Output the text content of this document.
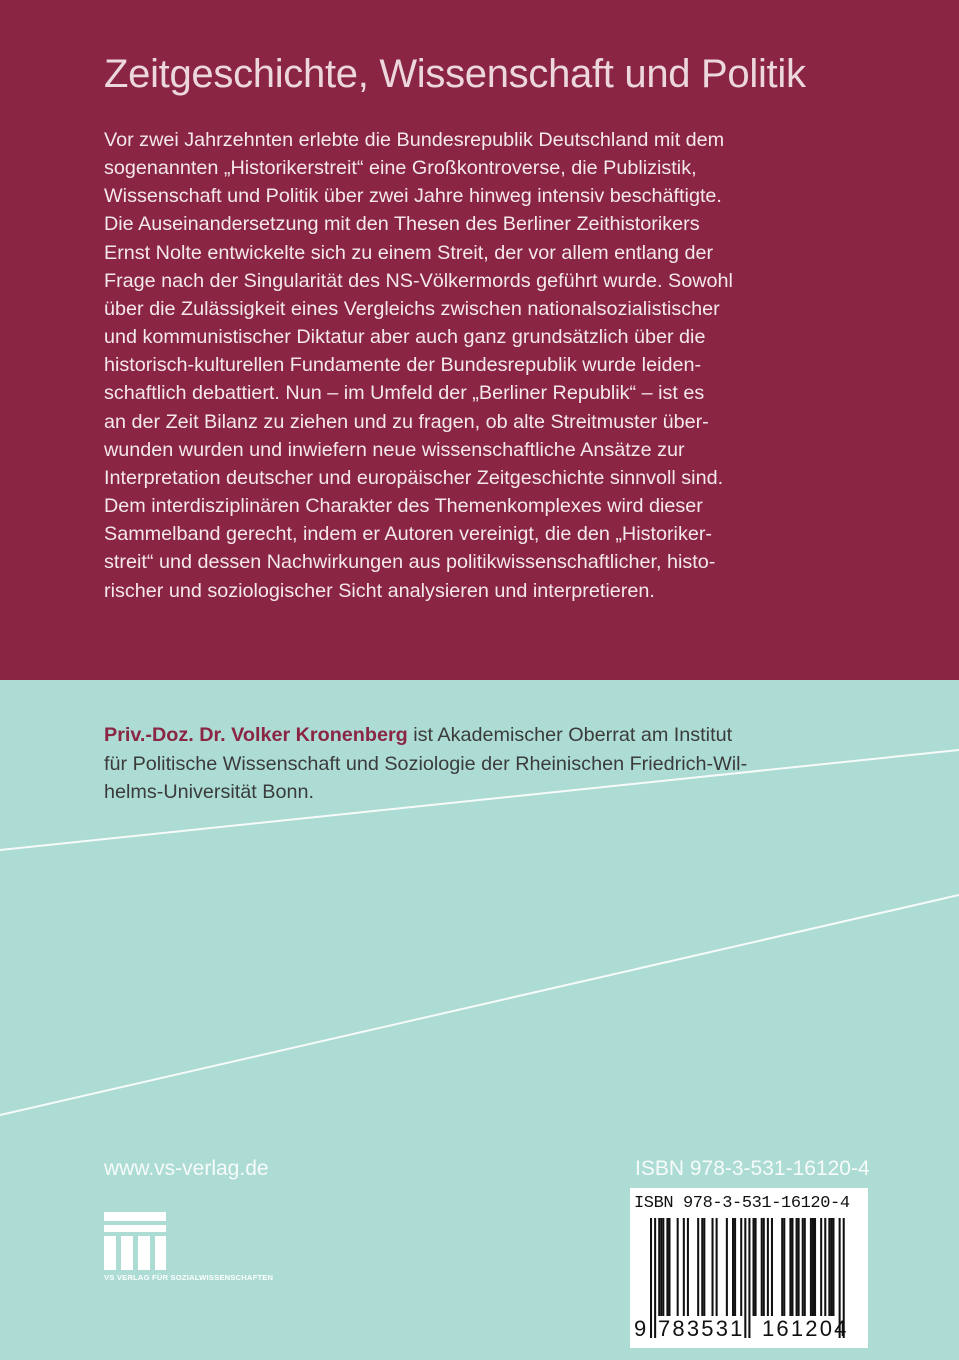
Zeitgeschichte, Wissenschaft und Politik
Vor zwei Jahrzehnten erlebte die Bundesrepublik Deutschland mit dem
sogenannten „Historikerstreit“ eine Großkontroverse, die Publizistik,
Wissenschaft und Politik über zwei Jahre hinweg intensiv beschäftigte.
Die Auseinandersetzung mit den Thesen des Berliner Zeithistorikers
Ernst Nolte entwickelte sich zu einem Streit, der vor allem entlang der
Frage nach der Singularität des NS-Völkermords geführt wurde. Sowohl
über die Zulässigkeit eines Vergleichs zwischen nationalsozialistischer
und kommunistischer Diktatur aber auch ganz grundsätzlich über die
historisch-kulturellen Fundamente der Bundesrepublik wurde leiden-
schaftlich debattiert. Nun – im Umfeld der „Berliner Republik“ – ist es
an der Zeit Bilanz zu ziehen und zu fragen, ob alte Streitmuster über-
wunden wurden und inwiefern neue wissenschaftliche Ansätze zur
Interpretation deutscher und europäischer Zeitgeschichte sinnvoll sind.
Dem interdisziplinären Charakter des Themenkomplexes wird dieser
Sammelband gerecht, indem er Autoren vereinigt, die den „Historiker-
streit“ und dessen Nachwirkungen aus politikwissenschaftlicher, histo-
rischer und soziologischer Sicht analysieren und interpretieren.
Priv.-Doz. Dr. Volker Kronenberg ist Akademischer Oberrat am Institut
für Politische Wissenschaft und Soziologie der Rheinischen Friedrich-Wil-
helms-Universität Bonn.
www.vs-verlag.de
VS VERLAG FÜR SOZIALWISSENSCHAFTEN
ISBN 978-3-531-16120-4
ISBN 978-3-531-16120-4
9 783531 161204
